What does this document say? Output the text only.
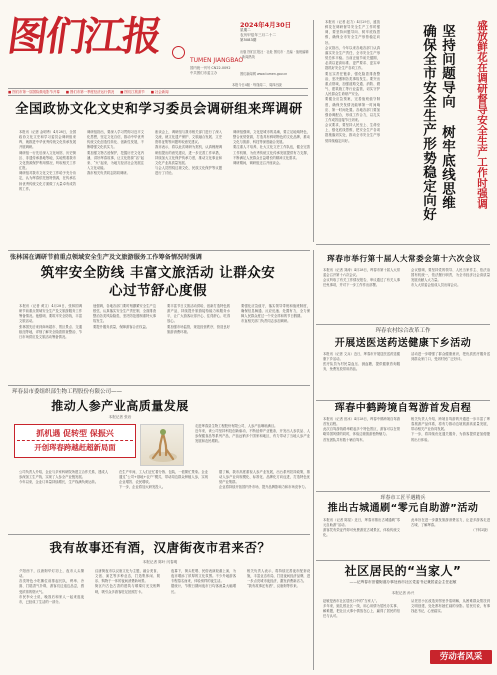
图们江报
TUMEN JIANGBAO
国内统一刊号 CN22-0092
中共图们市委主办
2024年4月30日
星期二
农历甲辰年三月二十二
第5083期
出版 图们江报社 · 社址 图们市 · 总编 · 值班编辑 · 新闻热线
图们新闻网 www.tumen.gov.cn
本报今日4版 · 每逢周二、周四出版
■ 图们市第一届国际微电影节开幕 ■ 图们市第一季度经济运行情况 ■ 图们江旅游节 ■ 社会新闻
本报讯（记者 赵力）4月29日，盛放鲜花在调研督导安全生产工作时强调，要坚持问题导向、树牢底线思维，确保全市安全生产形势稳定向好。
会议指出，今年以来各地各部门认真落实安全生产责任，全市安全生产形势总体平稳。当前正值节前关键期，必须以更高标准、更严要求、更实举措抓好安全生产各项工作。
要压实责任链条，强化隐患排查整治，坚决遏制各类事故发生。要突出重点领域，加强道路交通、消防、燃气、建筑施工等行业监管，切实守护人民群众生命财产安全。
要健全应急预案，完善值班值守制度，确保突发情况能够第一时间响应、第一时间处置。各地各部门要加强协调配合，形成工作合力，以扎实工作成效迎接节日到来。
会议要求，要坚持人民至上、生命至上，强化底线思维，把安全生产各项措施落到实处，推动全市安全生产形势持续稳定向好。	坚持问题导向 树牢底线思维 确保全市安全生产形势稳定向好	盛放鲜花在调研督导安全生产工作时强调
全国政协文化文史和学习委员会调研组来珲调研
本报讯（记者 金明秀）4月28日，全国政协文化文史和学习委员会调研组来珲，就推进中华优秀传统文化传承发展开展调研。
调研组一行先后深入文化场馆、历史街区、非遗传承基地等地，实地察看我市文化资源保护利用情况，听取相关工作汇报。
调研组对我市文化文史工作给予充分肯定，认为珲春依托独特资源，在传承弘扬优秀传统文化方面做了大量卓有成效的工作。
调研组指出，要深入学习贯彻习近平文化思想，坚定文化自信，推动中华优秀传统文化创造性转化、创新性发展，不断增强文化软实力。
要加强文物古迹保护，挖掘历史文化内涵，讲好珲春故事，让文化资源“活”起来、“火”起来，为地方经济社会发展注入文化动能。
我市相关负责同志陪同调研。
座谈会上，调研组与我市相关部门进行了深入交流，就文化遗产保护、文旅融合发展、文史资料征集等问题听取意见建议。
我市表示，将以此次调研为契机，认真梳理调研组提出的意见建议，进一步完善工作举措，持续加大文化保护传承力度，推动文化事业和文化产业高质量发展。
与会人员围绕边境文化、民族文化保护等议题进行了讨论。
调研组强调，文化是城市的灵魂，要立足地域特色，整合优势资源，打造具有鲜明特色的文化品牌，推动文化与旅游、科技等深度融合发展。
要注重人才培养，壮大文化文史工作队伍，健全完善工作机制，为优秀传统文化传承发展提供有力支撑，不断满足人民群众日益增长的精神文化需求。
调研期间，调研组还召开座谈会。
张林国在调研节前重点领域安全生产及文旅游服务工作筹备情况时强调
筑牢安全防线 丰富文旅活动 让群众安心过节舒心度假
本报讯（记者 黄文）4月28日，张林国调研节前重点领域安全生产及文旅游服务工作筹备情况。他强调，要筑牢安全防线，丰富文旅活动。
张林国先后来到商场超市、景区景点、交通枢纽等地，详细了解安全隐患排查整治、节日市场供应及文旅活动筹备情况。
他强调，各地各部门要时刻绷紧安全生产这根弦，认真落实安全生产责任制，全面排查整治各类风险隐患，坚决防范遏制重特大事故发生。
要提升服务质量，保障游客合法权益。
要丰富节日文旅活动供给，创新打造特色旅游产品，持续提升旅游接待能力和服务水平，让广大游客玩得开心、住得舒心、吃得放心。
要加强市场监管，规范经营秩序，营造良好旅游消费环境。
要强化应急值守，落实领导带班和值班制度，确保信息畅通、反应迅速、处置有力，全力保障人民群众度过一个安全祥和的节日假期。
市直相关部门负责同志参加调研。
珲春市举行第十届人大常委会第十六次会议
本报讯（记者 刘涛）4月28日，珲春市第十届人大常委会召开第十六次会议。
会议听取了有关工作情况报告，审议通过了有关人事任免事项，并对下一步工作作出部署。
会议强调，要坚持党的领导、人民当家作主、依法治国有机统一，依法履行职责，为全市经济社会高质量发展贡献人大力量。
市人大常委会组成人员出席会议。
珲春农村综合改革工作
开展送医送药送健康下乡活动
本报讯（记者 文兵）近日，珲春市开展送医送药送健康下乡活动。
医疗队员为村民量血压、测血糖，提供健康咨询服务，免费发放常用药品。
活动进一步增强了群众健康意识，把优质医疗服务送到群众家门口，受到村民广泛好评。
珲春中鹤跨境自驾游首发启程
本报讯（记者 田冰）4月28日，珲春中鹤跨境自驾游首发启程。
此次自驾游线路串联起多个特色景区，游客可以在领略异国风情的同时，体验边境旅游独特魅力。
首发团队共有数十辆自驾车。
相关负责人介绍，跨境自驾游的开通进一步丰富了珲春旅游产品体系，将有力推动边境旅游高质量发展，带动相关产业协同发展。
下一步，将持续优化通关服务，为游客提供更加便捷的出行体验。
珲春市工匠平遇精兵
推出古城通刷“零元自助游”活动
本报讯（记者 陈星）近日，珲春市推出古城通刷“零元自助游”活动。
游客凭有效证件即可免费游览古城景区，体验传统文化。
此举旨在进一步激发旅游消费活力，让更多游客走进古城、了解珲春。
（下转2版）
珲春县市委组织部生物工程股份有限公司——
推动人参产业高质量发展
本报记者 张岩
抓机遇 促转型 保振兴
开创珲春跨越赶超新局面
走进珲春县生物工程股份有限公司，人参产品琳琅满目。
近年来，该公司坚持科技创新驱动，不断延伸产业链条，开发出人参饮品、人参保健食品等系列产品，产品远销多个国家和地区，有力带动了当地人参产业发展和农民增收。
公司负责人介绍，企业与多家科研院所建立合作关系，建成人参深加工生产线，实现了人参全产业链发展。
今年以来，企业订单量持续增长，生产线满负荷运转。
在生产车间，工人们正忙着分拣、包装，一派繁忙景象。企业通过“公司+基地+农户”模式，带动周边群众种植人参，实现企业增效、农民增收。
下一步，企业将加大研发投入。
据了解，我市高度重视人参产业发展，出台系列扶持政策，推动人参产业向规模化、标准化、品牌化方向迈进，打造特色优势产业集群。
企业将持续开拓国内外市场，提升品牌影响力和市场竞争力。
我有故事还有酒，汉唐街夜市君来否？
本报记者 陈叶 闫春明
夕阳西下，汉唐街华灯初上，夜市人头攒动。
各类特色小吃摊位前排起长队，烤串、冷面、打糕香气扑鼻，游客们边逛边品尝，感受浓浓的烟火气。
市民李女士说，晚饭后和家人一起来逛夜市，已经成了生活的一部分。
汉唐街夜市以汉唐文化为主题，融合美食、文创、演艺等多种业态，打造集休闲、娱乐、购物于一体的夜间消费新场景。
街区内古色古香的建筑与璀璨灯光交相辉映，吸引众多游客驻足拍照打卡。
夜幕下，街头驻唱、民俗表演轮番上演，为夜市增添了浓厚的文化氛围。不少外地游客专程慕名而来，体验别样的夜生活。
据统计，节假日期间夜市日均客流量大幅增长。
相关负责人表示，将持续完善夜市配套设施，丰富业态布局，打造夜间经济品牌，进一步点亮城市夜经济，激发消费新活力。
“我有故事还有酒”，汉唐街等你来。
社区居民的“当家人”
——记珲春市崇德街道办事处西市社区党委书记兼居委会主任赵敏
本报记者 孙兴
赵敏是西市社区居民口中的“当家人”。
多年来，她扎根社区一线，用心用情为居民办实事、解难题，把社区大事小情放在心上，赢得了居民的信任与认可。
从老旧小区改造到邻里矛盾调解，从困难群众帮扶到文明创建，处处都有她忙碌的身影。居民们说，有事找赵书记，心里踏实。
劳动者风采
